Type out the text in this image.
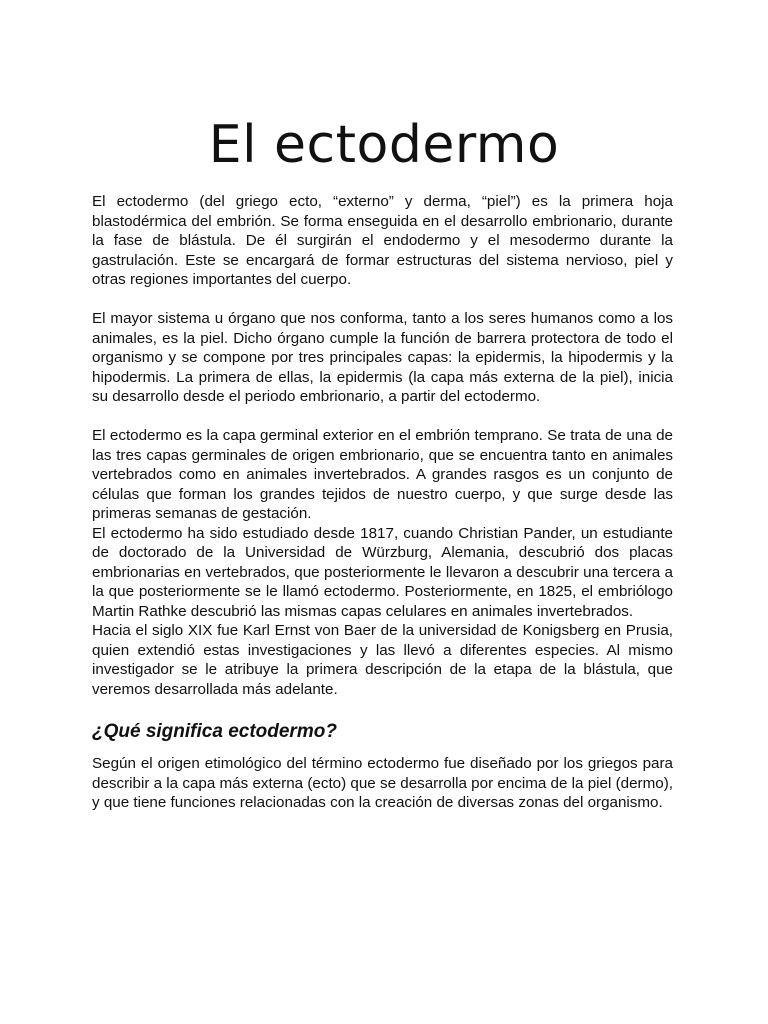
El ectodermo

El ectodermo (del griego ecto, “externo” y derma, “piel”) es la primera hoja blastodérmica del embrión. Se forma enseguida en el desarrollo embrionario, durante la fase de blástula. De él surgirán el endodermo y el mesodermo durante la gastrulación. Este se encargará de formar estructuras del sistema nervioso, piel y otras regiones importantes del cuerpo.

El mayor sistema u órgano que nos conforma, tanto a los seres humanos como a los animales, es la piel. Dicho órgano cumple la función de barrera protectora de todo el organismo y se compone por tres principales capas: la epidermis, la hipodermis y la hipodermis. La primera de ellas, la epidermis (la capa más externa de la piel), inicia su desarrollo desde el periodo embrionario, a partir del ectodermo.

El ectodermo es la capa germinal exterior en el embrión temprano. Se trata de una de las tres capas germinales de origen embrionario, que se encuentra tanto en animales vertebrados como en animales invertebrados. A grandes rasgos es un conjunto de células que forman los grandes tejidos de nuestro cuerpo, y que surge desde las primeras semanas de gestación.

El ectodermo ha sido estudiado desde 1817, cuando Christian Pander, un estudiante de doctorado de la Universidad de Würzburg, Alemania, descubrió dos placas embrionarias en vertebrados, que posteriormente le llevaron a descubrir una tercera a la que posteriormente se le llamó ectodermo. Posteriormente, en 1825, el embriólogo Martin Rathke descubrió las mismas capas celulares en animales invertebrados.

Hacia el siglo XIX fue Karl Ernst von Baer de la universidad de Konigsberg en Prusia, quien extendió estas investigaciones y las llevó a diferentes especies. Al mismo investigador se le atribuye la primera descripción de la etapa de la blástula, que veremos desarrollada más adelante.

¿Qué significa ectodermo?

Según el origen etimológico del término ectodermo fue diseñado por los griegos para describir a la capa más externa (ecto) que se desarrolla por encima de la piel (dermo), y que tiene funciones relacionadas con la creación de diversas zonas del organismo.
